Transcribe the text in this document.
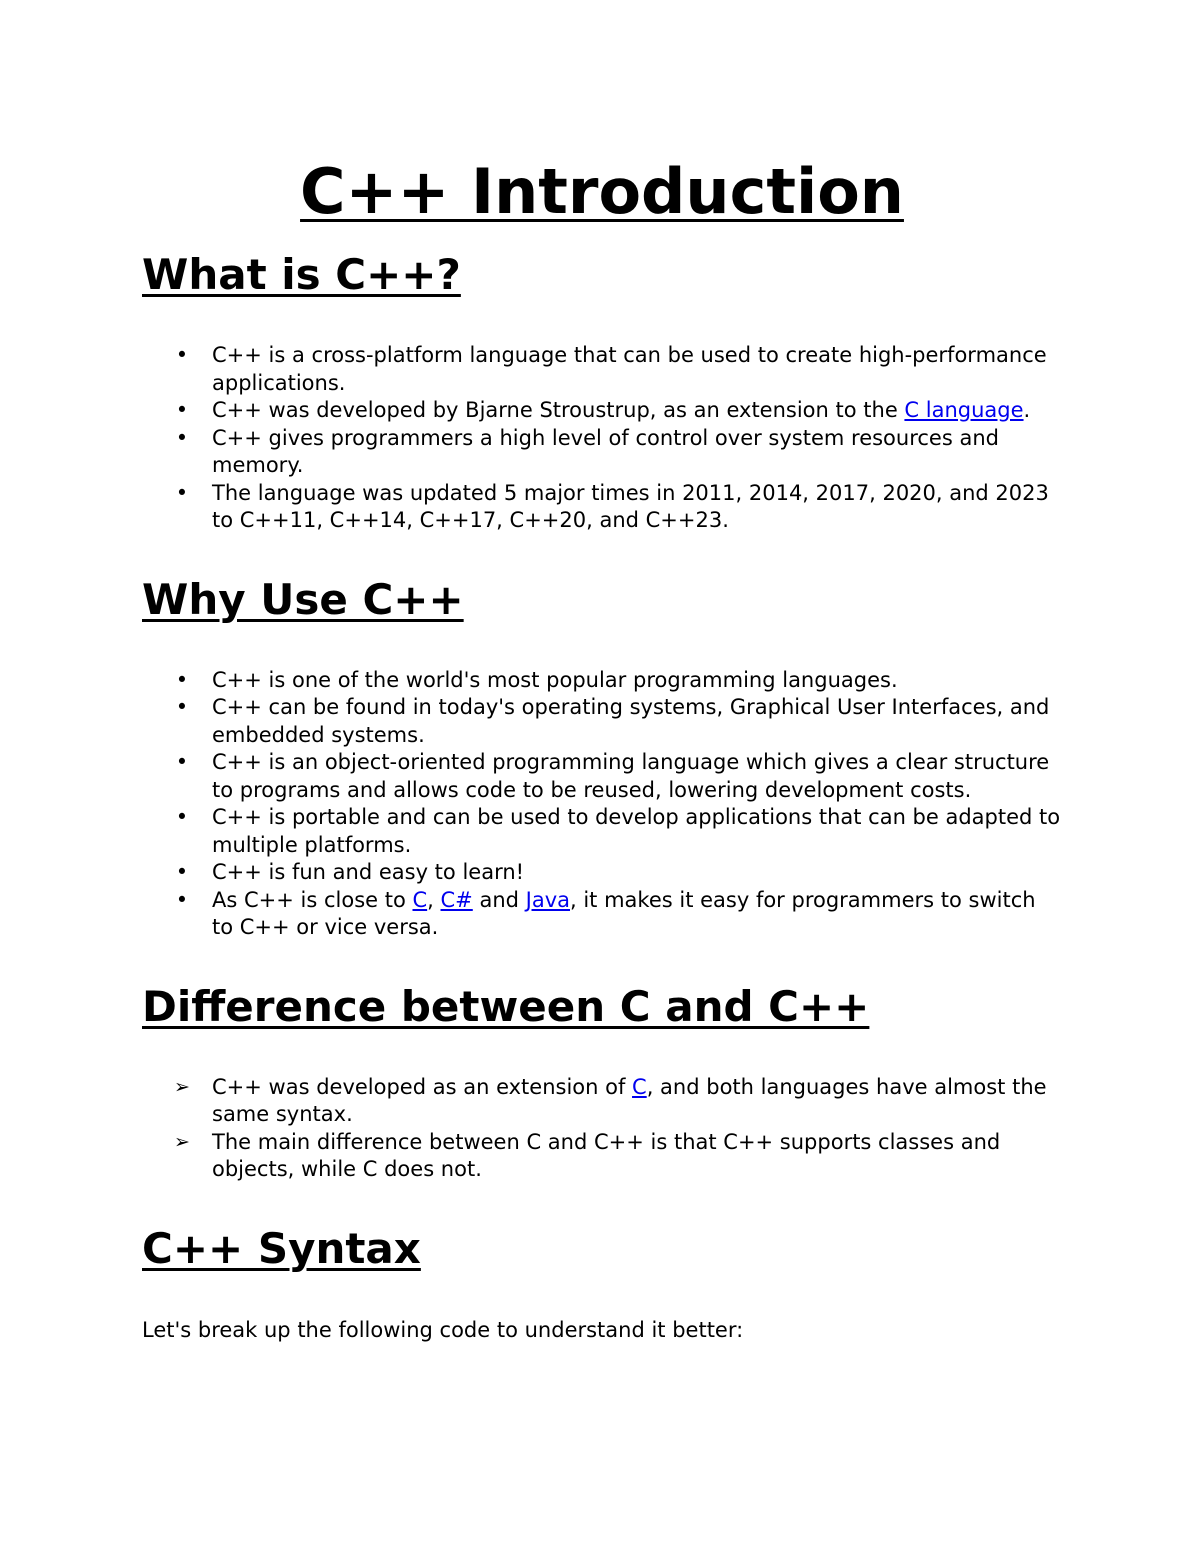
C++ Introduction
What is C++?
• C++ is a cross-platform language that can be used to create high-performance applications.
• C++ was developed by Bjarne Stroustrup, as an extension to the C language.
• C++ gives programmers a high level of control over system resources and memory.
• The language was updated 5 major times in 2011, 2014, 2017, 2020, and 2023 to C++11, C++14, C++17, C++20, and C++23.
Why Use C++
• C++ is one of the world's most popular programming languages.
• C++ can be found in today's operating systems, Graphical User Interfaces, and embedded systems.
• C++ is an object-oriented programming language which gives a clear structure to programs and allows code to be reused, lowering development costs.
• C++ is portable and can be used to develop applications that can be adapted to multiple platforms.
• C++ is fun and easy to learn!
• As C++ is close to C, C# and Java, it makes it easy for programmers to switch to C++ or vice versa.
Difference between C and C++
➢ C++ was developed as an extension of C, and both languages have almost the same syntax.
➢ The main difference between C and C++ is that C++ supports classes and objects, while C does not.
C++ Syntax

Let's break up the following code to understand it better:
